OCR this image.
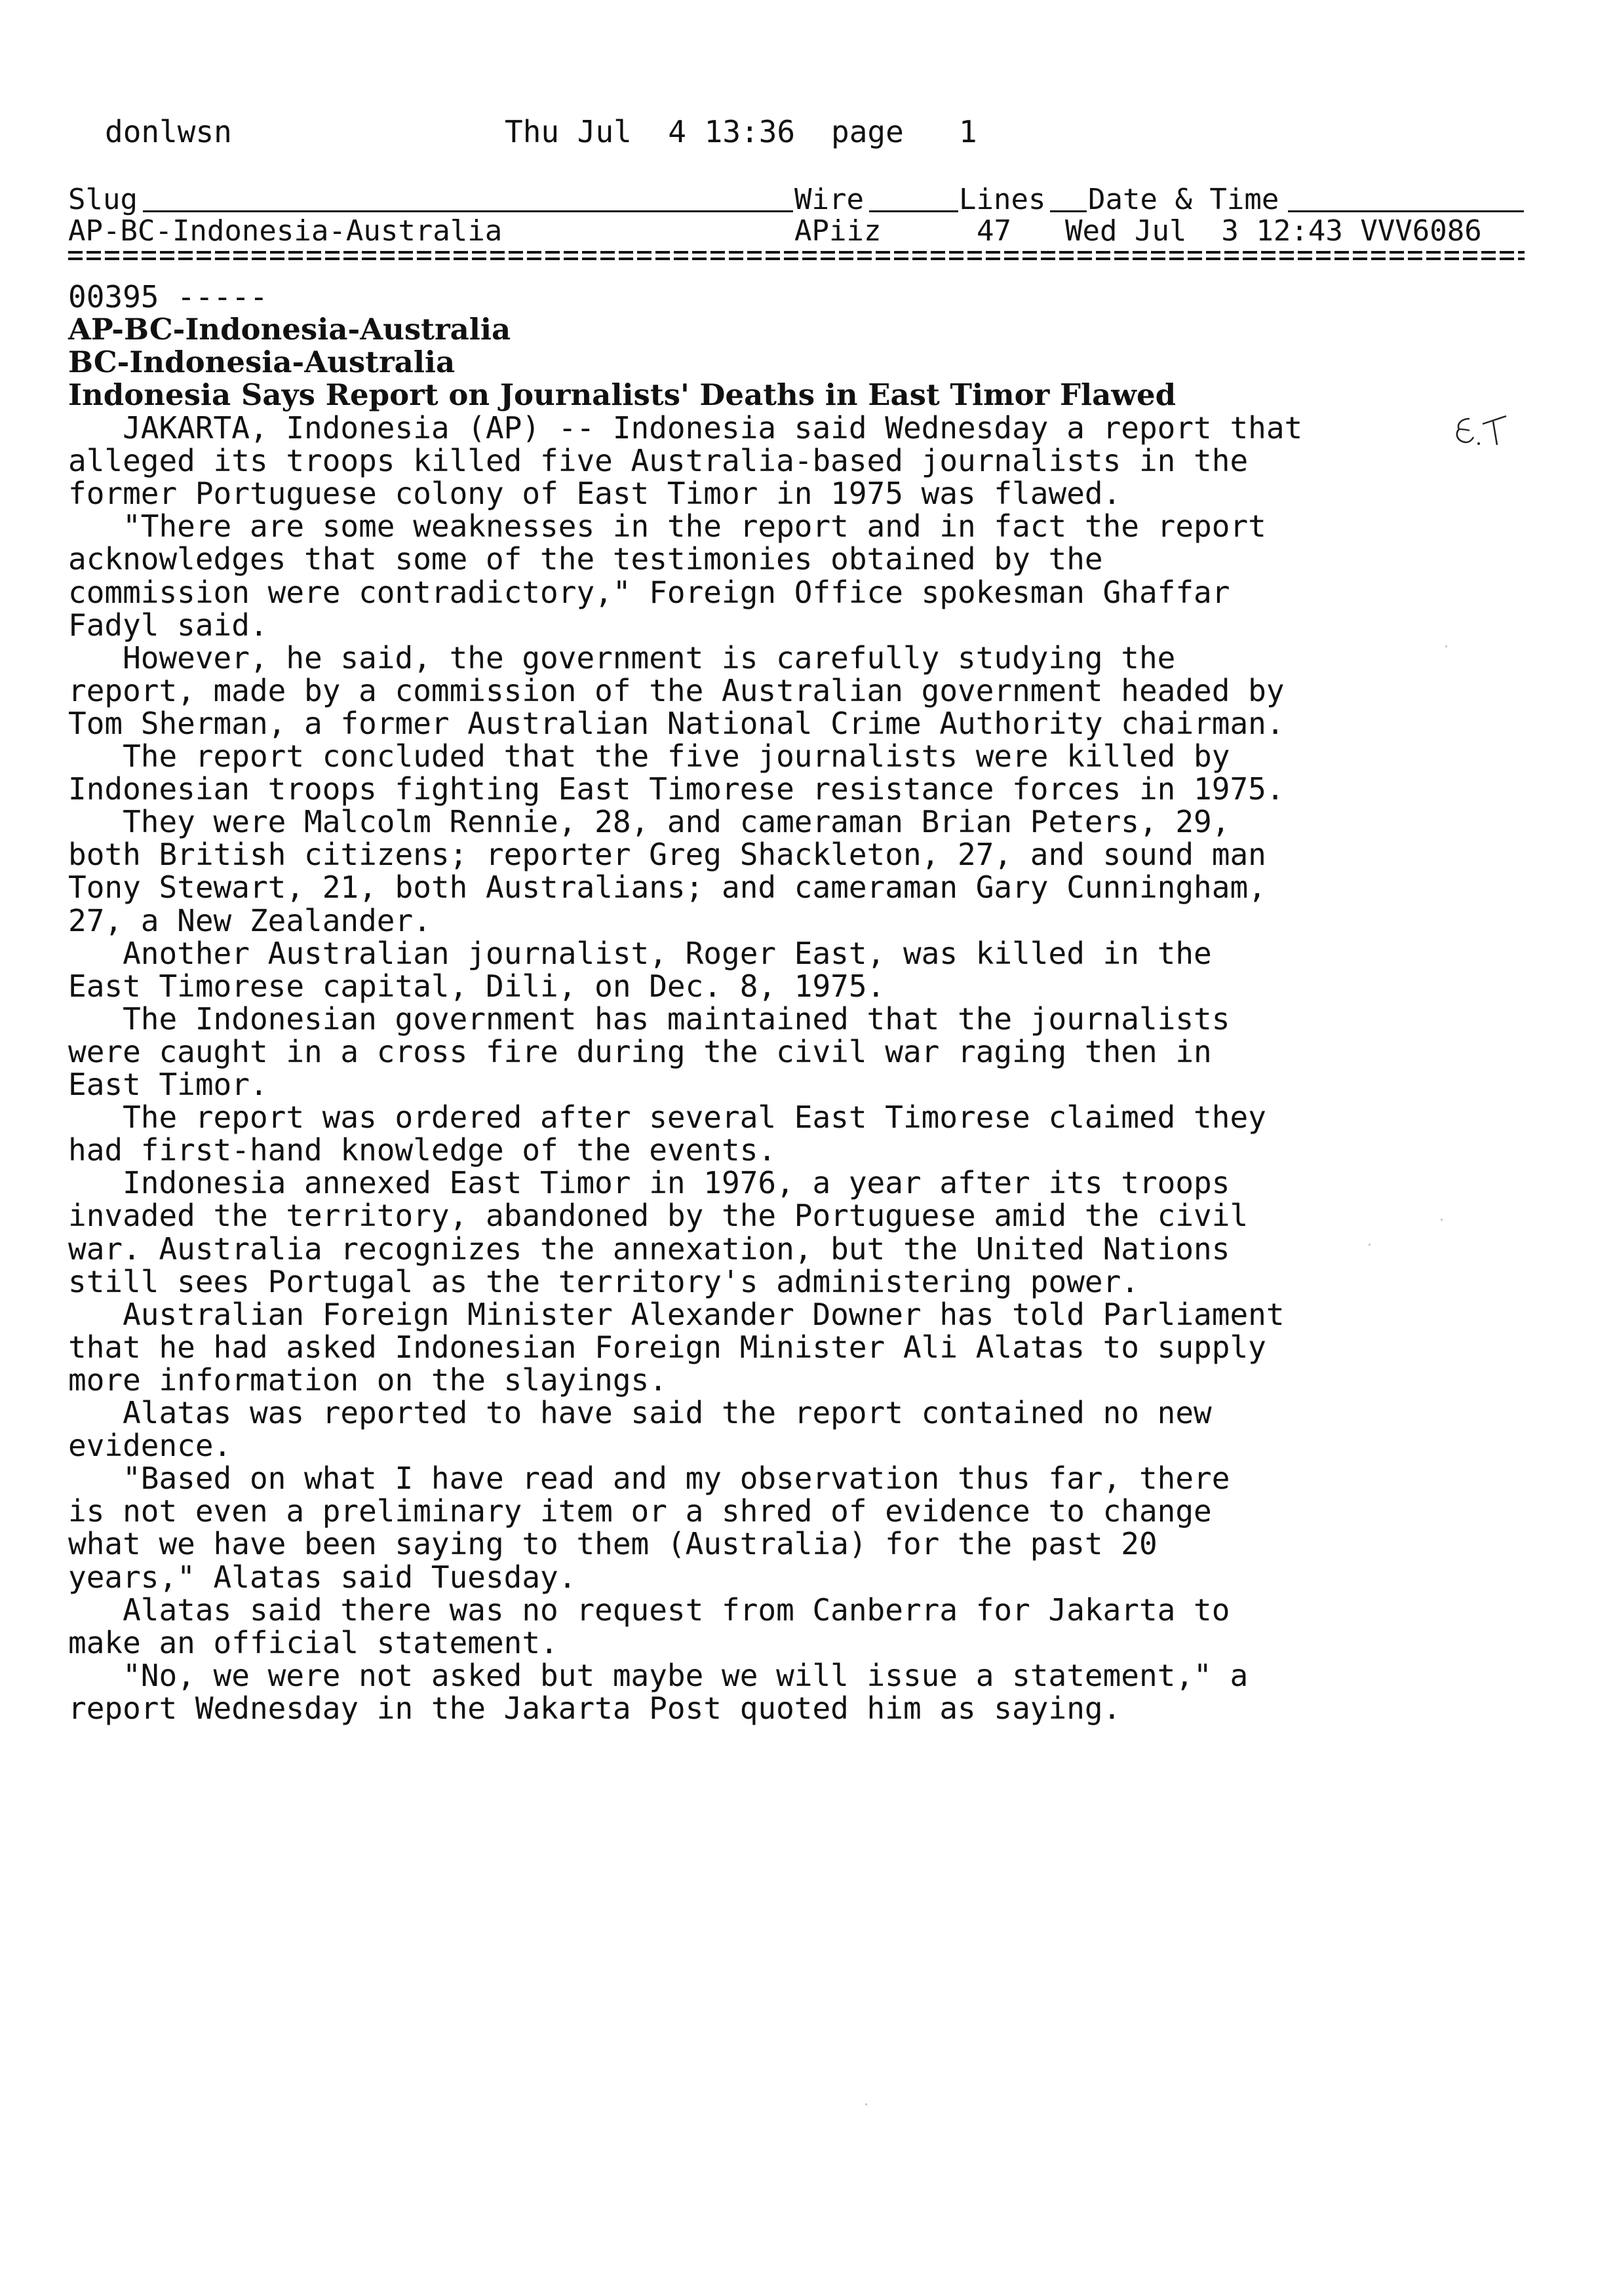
donlwsn	Thu Jul  4 13:36 page 1
Slug	Wire	Lines Date & Time
AP-BC-Indonesia-Australia	APiiz	47 Wed Jul  3 12:43 VVV6086
00395 -----
AP-BC-Indonesia-Australia
BC-Indonesia-Australia
Indonesia Says Report on Journalists' Deaths in East Timor Flawed
JAKARTA, Indonesia (AP) -- Indonesia said Wednesday a report that
alleged its troops killed five Australia-based journalists in the
former Portuguese colony of East Timor in 1975 was flawed.
"There are some weaknesses in the report and in fact the report
acknowledges that some of the testimonies obtained by the
commission were contradictory," Foreign Office spokesman Ghaffar
Fadyl said.
However, he said, the government is carefully studying the
report, made by a commission of the Australian government headed by
Tom Sherman, a former Australian National Crime Authority chairman.
The report concluded that the five journalists were killed by
Indonesian troops fighting East Timorese resistance forces in 1975.
They were Malcolm Rennie, 28, and cameraman Brian Peters, 29,
both British citizens; reporter Greg Shackleton, 27, and sound man
Tony Stewart, 21, both Australians; and cameraman Gary Cunningham,
27, a New Zealander.
Another Australian journalist, Roger East, was killed in the
East Timorese capital, Dili, on Dec. 8, 1975.
The Indonesian government has maintained that the journalists
were caught in a cross fire during the civil war raging then in
East Timor.
The report was ordered after several East Timorese claimed they
had first-hand knowledge of the events.
Indonesia annexed East Timor in 1976, a year after its troops
invaded the territory, abandoned by the Portuguese amid the civil
war. Australia recognizes the annexation, but the United Nations
still sees Portugal as the territory's administering power.
Australian Foreign Minister Alexander Downer has told Parliament
that he had asked Indonesian Foreign Minister Ali Alatas to supply
more information on the slayings.
Alatas was reported to have said the report contained no new
evidence.
"Based on what I have read and my observation thus far, there
is not even a preliminary item or a shred of evidence to change
what we have been saying to them (Australia) for the past 20
years," Alatas said Tuesday.
Alatas said there was no request from Canberra for Jakarta to
make an official statement.
"No, we were not asked but maybe we will issue a statement," a
report Wednesday in the Jakarta Post quoted him as saying.
